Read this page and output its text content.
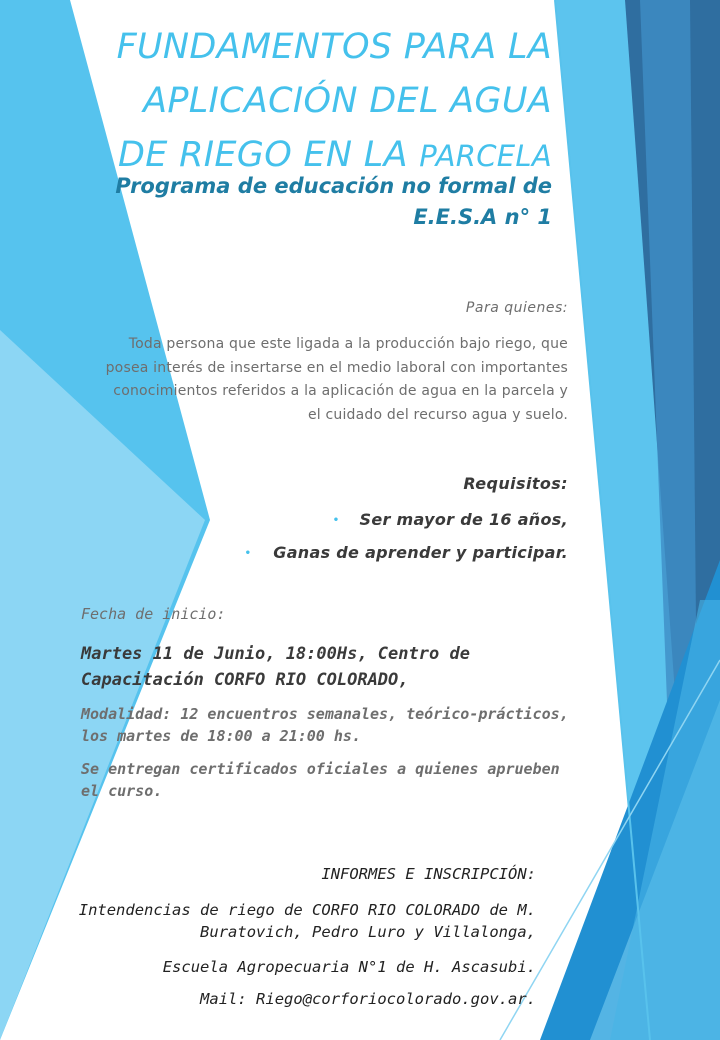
FUNDAMENTOS PARA LA
APLICACIÓN DEL AGUA
DE RIEGO EN LA PARCELA
Programa de educación no formal de
E.E.S.A n° 1
Para quienes:
Toda persona que este ligada a la producción bajo riego, que posea interés de insertarse en el medio laboral con importantes conocimientos referidos a la aplicación de agua en la parcela y el cuidado del recurso agua y suelo.
Requisitos:
• Ser mayor de 16 años,
• Ganas de aprender y participar.
Fecha de inicio:
Martes 11 de Junio, 18:00Hs, Centro de Capacitación CORFO RIO COLORADO,
Modalidad: 12 encuentros semanales, teórico-prácticos, los martes de 18:00 a 21:00 hs.
Se entregan certificados oficiales a quienes aprueben el curso.
INFORMES E INSCRIPCIÓN:
Intendencias de riego de CORFO RIO COLORADO de M. Buratovich, Pedro Luro y Villalonga,
Escuela Agropecuaria N°1 de H. Ascasubi.
Mail: Riego@corforiocolorado.gov.ar.
